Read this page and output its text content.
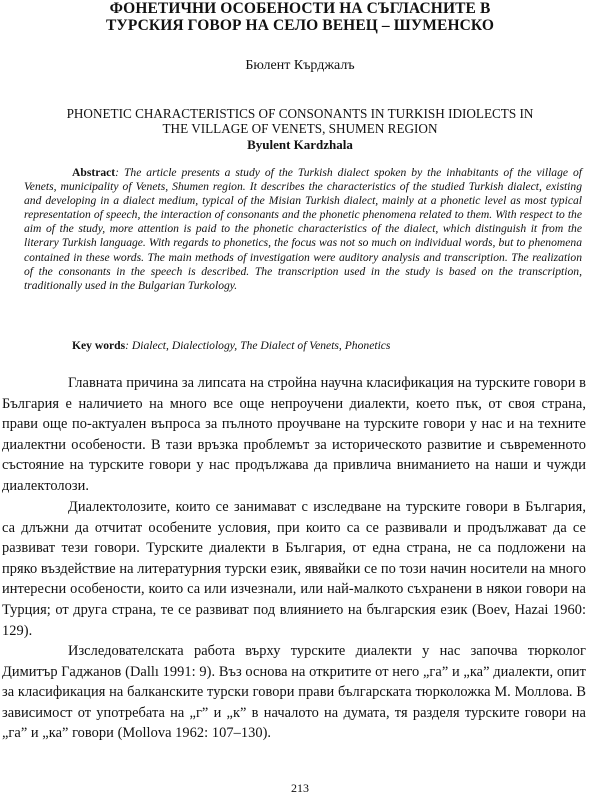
ФОНЕТИЧНИ ОСОБЕНОСТИ НА СЪГЛАСНИТЕ В
ТУРСКИЯ ГОВОР НА СЕЛО ВЕНЕЦ – ШУМЕНСКО
Бюлент Кърджалъ
PHONETIC CHARACTERISTICS OF CONSONANTS IN TURKISH IDIOLECTS IN
THE VILLAGE OF VENETS, SHUMEN REGION
Byulent Kardzhala
Abstract: The article presents a study of the Turkish dialect spoken by the inhabitants of the village of Venets, municipality of Venets, Shumen region. It describes the characteristics of the studied Turkish dialect, existing and developing in a dialect medium, typical of the Misian Turkish dialect, mainly at a phonetic level as most typical representation of speech, the interaction of consonants and the phonetic phenomena related to them. With respect to the aim of the study, more attention is paid to the phonetic characteristics of the dialect, which distinguish it from the literary Turkish language. With regards to phonetics, the focus was not so much on individual words, but to phenomena contained in these words. The main methods of investigation were auditory analysis and transcription. The realization of the consonants in the speech is described. The transcription used in the study is based on the transcription, traditionally used in the Bulgarian Turkology.
Key words: Dialect, Dialectiology, The Dialect of Venets, Phonetics
Главната причина за липсата на стройна научна класификация на турските говори в България е наличието на много все още непроучени диалекти, което пък, от своя страна, прави още по-актуален въпроса за пълното проучване на турските говори у нас и на техните диалектни особености. В тази връзка проблемът за историческото развитие и съвременното състояние на турските говори у нас продължава да привлича вниманието на наши и чужди диалектолози.
Диалектолозите, които се занимават с изследване на турските говори в България, са длъжни да отчитат особените условия, при които са се развивали и продължават да се развиват тези говори. Турските диалекти в България, от една страна, не са подложени на пряко въздействие на литературния турски език, явявайки се по този начин носители на много интересни особености, които са или изчезнали, или най-малкото съхранени в някои говори на Турция; от друга страна, те се развиват под влиянието на българския език (Boev, Hazai 1960: 129).
Изследователската работа върху турските диалекти у нас започва тюрколог Димитър Гаджанов (Dallı 1991: 9). Въз основа на откритите от него „га” и „ка” диалекти, опит за класификация на балканските турски говори прави българската тюрколожка М. Моллова. В зависимост от употребата на „г” и „к” в началото на думата, тя разделя турските говори на „га” и „ка” говори (Mollova 1962: 107–130).
213
